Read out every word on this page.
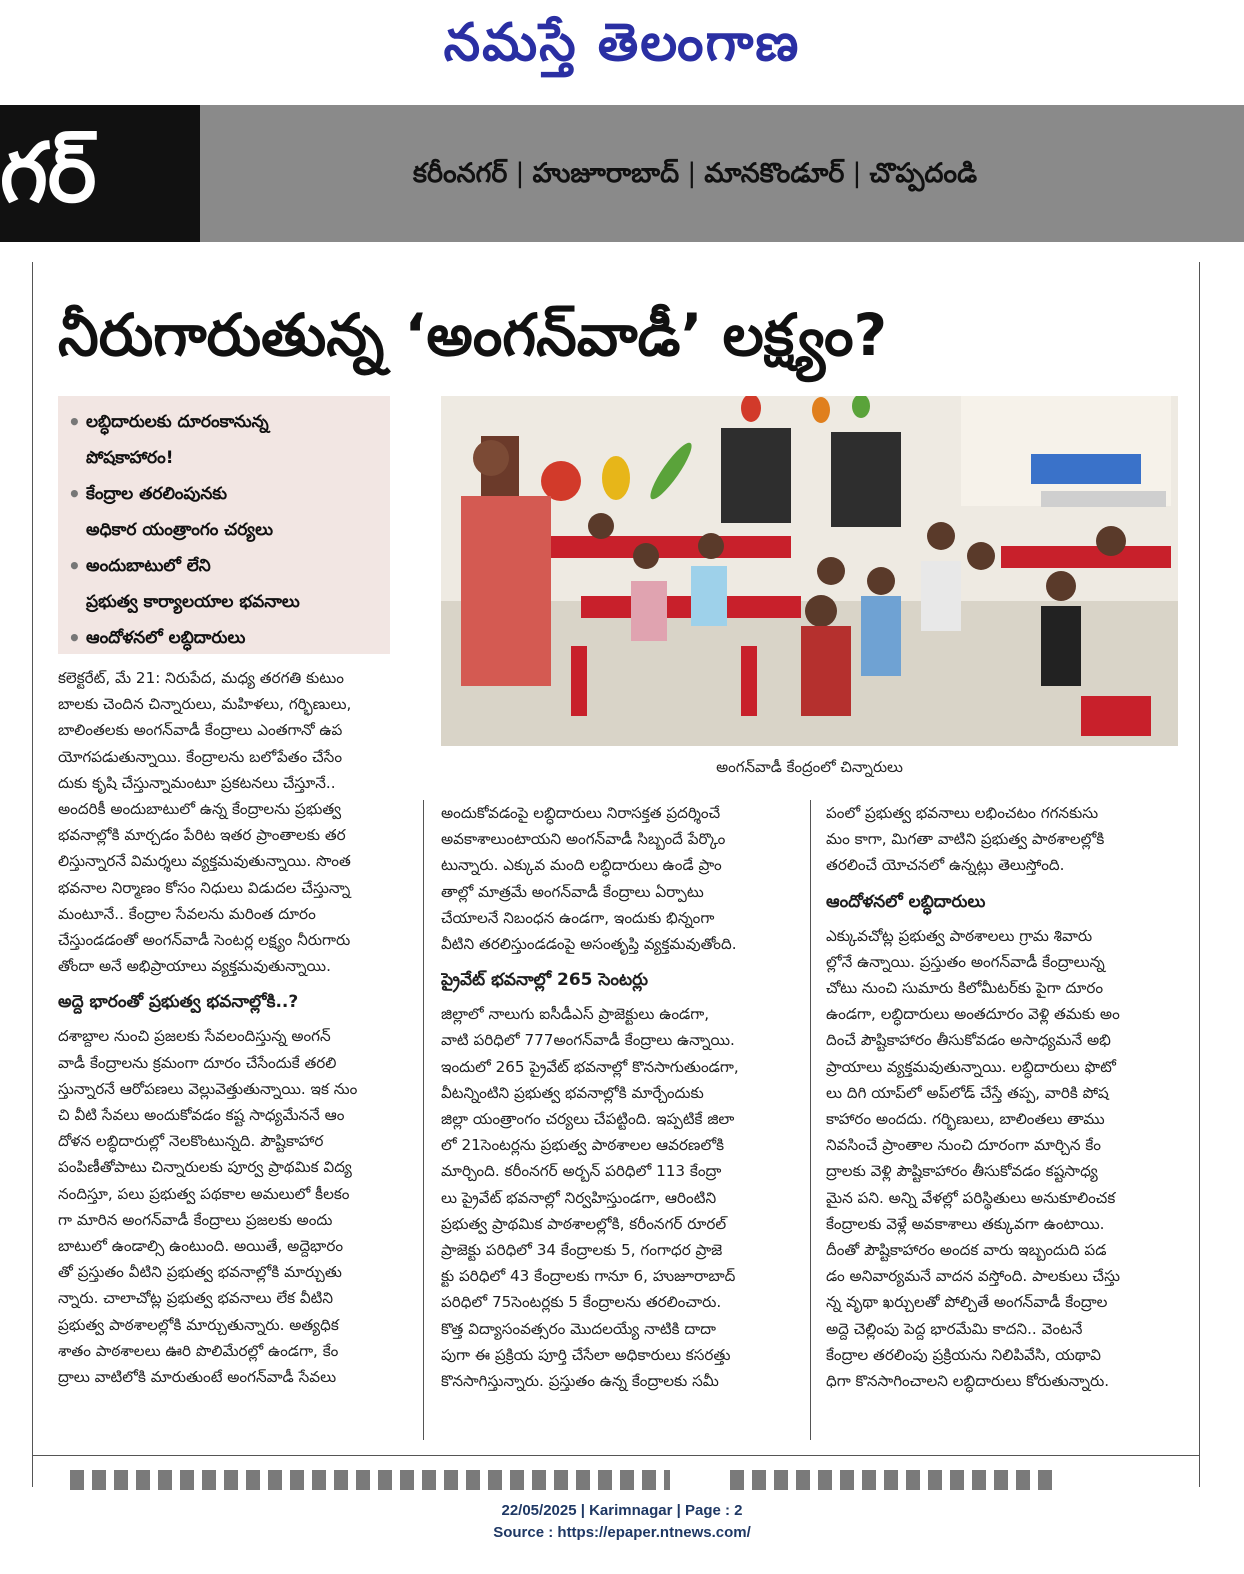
నమస్తే తెలంగాణ
గర్	కరీంనగర్ | హుజూరాబాద్ | మానకొండూర్ | చొప్పదండి
నీరుగారుతున్న ‘అంగన్‌వాడీ’ లక్ష్యం?
• లబ్ధిదారులకు దూరంకానున్న
పోషకాహారం!
• కేంద్రాల తరలింపునకు
అధికార యంత్రాంగం చర్యలు
• అందుబాటులో లేని
ప్రభుత్వ కార్యాలయాల భవనాలు
• ఆందోళనలో లబ్ధిదారులు
అంగన్‌వాడీ కేంద్రంలో చిన్నారులు

కలెక్టరేట్, మే 21: నిరుపేద, మధ్య తరగతి కుటుం
బాలకు చెందిన చిన్నారులు, మహిళలు, గర్భిణులు,
బాలింతలకు అంగన్‌వాడీ కేంద్రాలు ఎంతగానో ఉప
యోగపడుతున్నాయి. కేంద్రాలను బలోపేతం చేసేం
దుకు కృషి చేస్తున్నామంటూ ప్రకటనలు చేస్తూనే..
అందరికీ అందుబాటులో ఉన్న కేంద్రాలను ప్రభుత్వ
భవనాల్లోకి మార్చడం పేరిట ఇతర ప్రాంతాలకు తర
లిస్తున్నారనే విమర్శలు వ్యక్తమవుతున్నాయి. సొంత
భవనాల నిర్మాణం కోసం నిధులు విడుదల చేస్తున్నా
మంటూనే.. కేంద్రాల సేవలను మరింత దూరం
చేస్తుండడంతో అంగన్‌వాడీ సెంటర్ల లక్ష్యం నీరుగారు
తోందా అనే అభిప్రాయాలు వ్యక్తమవుతున్నాయి.

అద్దె భారంతో ప్రభుత్వ భవనాల్లోకి..?

దశాబ్దాల నుంచి ప్రజలకు సేవలందిస్తున్న అంగన్
వాడీ కేంద్రాలను క్రమంగా దూరం చేసేందుకే తరలి
స్తున్నారనే ఆరోపణలు వెల్లువెత్తుతున్నాయి. ఇక నుం
చి వీటి సేవలు అందుకోవడం కష్ట సాధ్యమేననే ఆం
దోళన లబ్ధిదారుల్లో నెలకొంటున్నది. పౌష్టికాహార
పంపిణీతోపాటు చిన్నారులకు పూర్వ ప్రాథమిక విద్య
నందిస్తూ, పలు ప్రభుత్వ పథకాల అమలులో కీలకం
గా మారిన అంగన్‌వాడీ కేంద్రాలు ప్రజలకు అందు
బాటులో ఉండాల్సి ఉంటుంది. అయితే, అద్దెభారం
తో ప్రస్తుతం వీటిని ప్రభుత్వ భవనాల్లోకి మార్చుతు
న్నారు. చాలాచోట్ల ప్రభుత్వ భవనాలు లేక వీటిని
ప్రభుత్వ పాఠశాలల్లోకి మార్చుతున్నారు. అత్యధిక
శాతం పాఠశాలలు ఊరి పొలిమేరల్లో ఉండగా, కేం
ద్రాలు వాటిలోకి మారుతుంటే అంగన్‌వాడీ సేవలు

అందుకోవడంపై లబ్ధిదారులు నిరాసక్తత ప్రదర్శించే
అవకాశాలుంటాయని అంగన్‌వాడీ సిబ్బందే పేర్కొం
టున్నారు. ఎక్కువ మంది లబ్ధిదారులు ఉండే ప్రాం
తాల్లో మాత్రమే అంగన్‌వాడీ కేంద్రాలు ఏర్పాటు
చేయాలనే నిబంధన ఉండగా, ఇందుకు భిన్నంగా
వీటిని తరలిస్తుండడంపై అసంతృప్తి వ్యక్తమవుతోంది.

ప్రైవేట్ భవనాల్లో 265 సెంటర్లు

జిల్లాలో నాలుగు ఐసీడీఎస్ ప్రాజెక్టులు ఉండగా,
వాటి పరిధిలో 777అంగన్‌వాడీ కేంద్రాలు ఉన్నాయి.
ఇందులో 265 ప్రైవేట్ భవనాల్లో కొనసాగుతుండగా,
వీటన్నింటిని ప్రభుత్వ భవనాల్లోకి మార్చేందుకు
జిల్లా యంత్రాంగం చర్యలు చేపట్టింది. ఇప్పటికే జిలా
లో 21సెంటర్లను ప్రభుత్వ పాఠశాలల ఆవరణలోకి
మార్చింది. కరీంనగర్ అర్బన్ పరిధిలో 113 కేంద్రా
లు ప్రైవేట్ భవనాల్లో నిర్వహిస్తుండగా, ఆరింటిని
ప్రభుత్వ ప్రాథమిక పాఠశాలల్లోకి, కరీంనగర్ రూరల్
ప్రాజెక్టు పరిధిలో 34 కేంద్రాలకు 5, గంగాధర ప్రాజె
క్టు పరిధిలో 43 కేంద్రాలకు గానూ 6, హుజూరాబాద్
పరిధిలో 75సెంటర్లకు 5 కేంద్రాలను తరలించారు.
కొత్త విద్యాసంవత్సరం మొదలయ్యే నాటికి దాదా
పుగా ఈ ప్రక్రియ పూర్తి చేసేలా అధికారులు కసరత్తు
కొనసాగిస్తున్నారు. ప్రస్తుతం ఉన్న కేంద్రాలకు సమీ

పంలో ప్రభుత్వ భవనాలు లభించటం గగనకుసు
మం కాగా, మిగతా వాటిని ప్రభుత్వ పాఠశాలల్లోకి
తరలించే యోచనలో ఉన్నట్లు తెలుస్తోంది.

ఆందోళనలో లబ్ధిదారులు

ఎక్కువచోట్ల ప్రభుత్వ పాఠశాలలు గ్రామ శివారు
ల్లోనే ఉన్నాయి. ప్రస్తుతం అంగన్‌వాడీ కేంద్రాలున్న
చోటు నుంచి సుమారు కిలోమీటర్‌కు పైగా దూరం
ఉండగా, లబ్ధిదారులు అంతదూరం వెళ్లి తమకు అం
దించే పౌష్టికాహారం తీసుకోవడం అసాధ్యమనే అభి
ప్రాయాలు వ్యక్తమవుతున్నాయి. లబ్ధిదారులు ఫొటో
లు దిగి యాప్‌లో అప్‌లోడ్ చేస్తే తప్ప, వారికి పోష
కాహారం అందదు. గర్భిణులు, బాలింతలు తాము
నివసించే ప్రాంతాల నుంచి దూరంగా మార్చిన కేం
ద్రాలకు వెళ్లి పౌష్టికాహారం తీసుకోవడం కష్టసాధ్య
మైన పని. అన్ని వేళల్లో పరిస్థితులు అనుకూలించక
కేంద్రాలకు వెళ్లే అవకాశాలు తక్కువగా ఉంటాయి.
దీంతో పౌష్టికాహారం అందక వారు ఇబ్బందుది పడ
డం అనివార్యమనే వాదన వస్తోంది. పాలకులు చేస్తు
న్న వృథా ఖర్చులతో పోల్చితే అంగన్‌వాడీ కేంద్రాల
అద్దె చెల్లింపు పెద్ద భారమేమి కాదని.. వెంటనే
కేంద్రాల తరలింపు ప్రక్రియను నిలిపివేసి, యథావి
ధిగా కొనసాగించాలని లబ్ధిదారులు కోరుతున్నారు.

22/05/2025 | Karimnagar | Page : 2
Source : https://epaper.ntnews.com/
